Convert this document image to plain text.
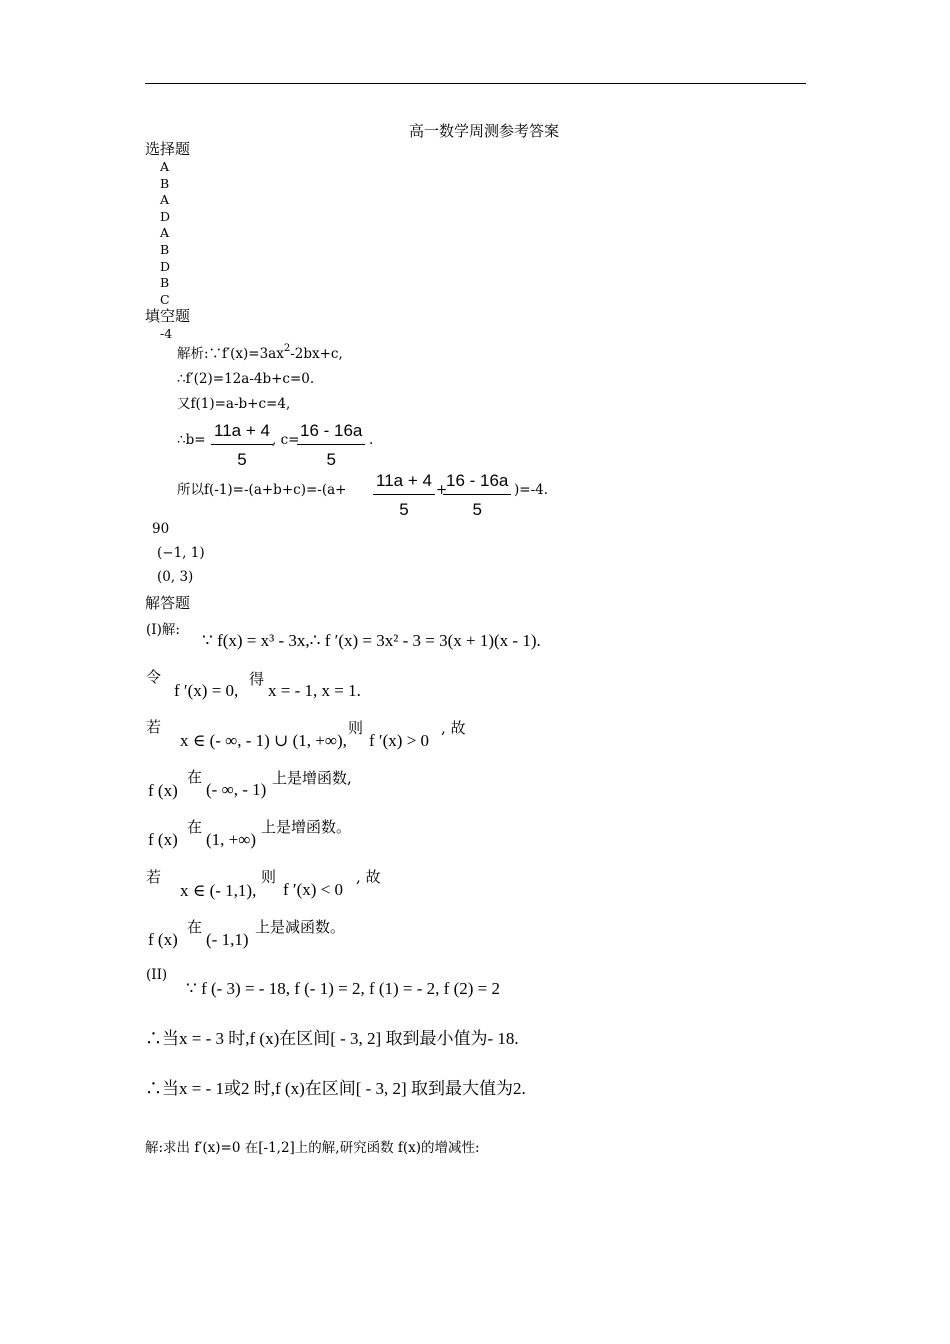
高一数学周测参考答案
选择题
A
B
A
D
A
B
D
B
C
填空题
-4
解析$:\because f'(x)=3ax^2-2bx+c$,
∴f′(2)=12a-4b+c=0.
又f(1)=a-b+c=4,
∴b= $\frac{11a + 4}{5}$ , c=
$\frac{16 - 16a}{5}$ .
所以$f(-1)=-(a+b+c)=-(a+ \frac{11a + 4}{5}$ +
$\frac{16 - 16a}{5} )=-4$.
90
(−1, 1)
(0, 3)
解答题
(I)解:
∵ f(x) = x³ - 3x,∴ f ′(x) = 3x² - 3 = 3(x + 1)(x - 1).
令
f ′(x) = 0,
得
x = - 1, x = 1.
若
x ∈ (- ∞, - 1) ∪ (1, +∞),
则
f ′(x) > 0
, 故
f (x)
在
(- ∞, - 1)
上是增函数,
f (x)
在
(1, +∞)
上是增函数。
若
x ∈ (- 1,1),
则
f ′(x) < 0
, 故
f (x)
在
(- 1,1)
上是减函数。
(II)
∵ f (- 3) = - 18, f (- 1) = 2, f (1) = - 2, f (2) = 2
∴当x = - 3 时,f (x)在区间[ - 3, 2] 取到最小值为- 18.
∴当x = - 1或2 时,f (x)在区间[ - 3, 2] 取到最大值为2.
解:求出 f′(x)=0 在[-1,2]上的解,研究函数 f(x)的增减性:
